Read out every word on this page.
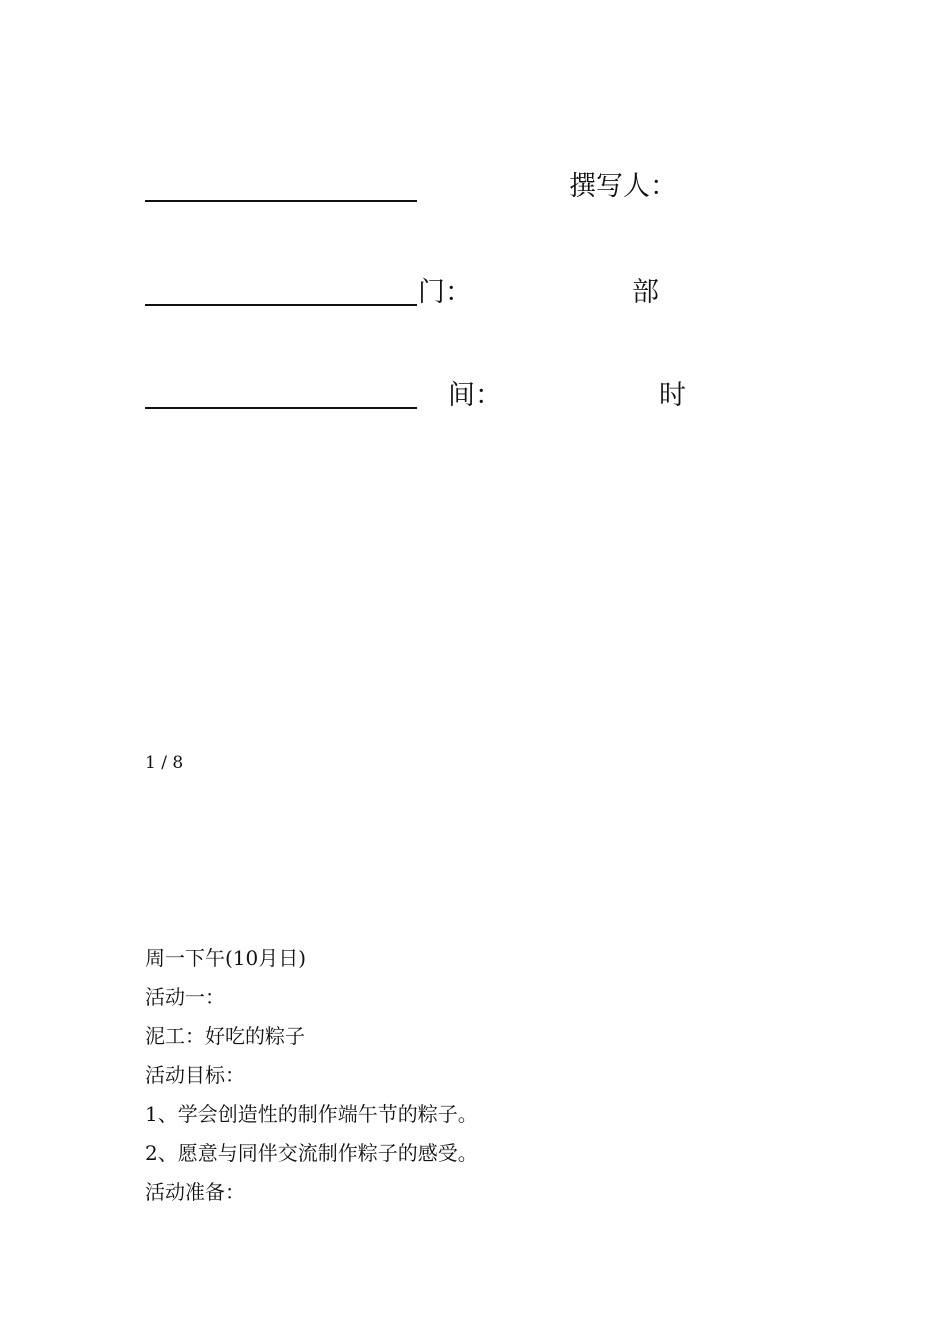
撰写人：
门：	部
间：	时
1 / 8
周一下午(10月日)
活动一：
泥工：好吃的粽子
活动目标：
1、学会创造性的制作端午节的粽子。
2、愿意与同伴交流制作粽子的感受。
活动准备：
